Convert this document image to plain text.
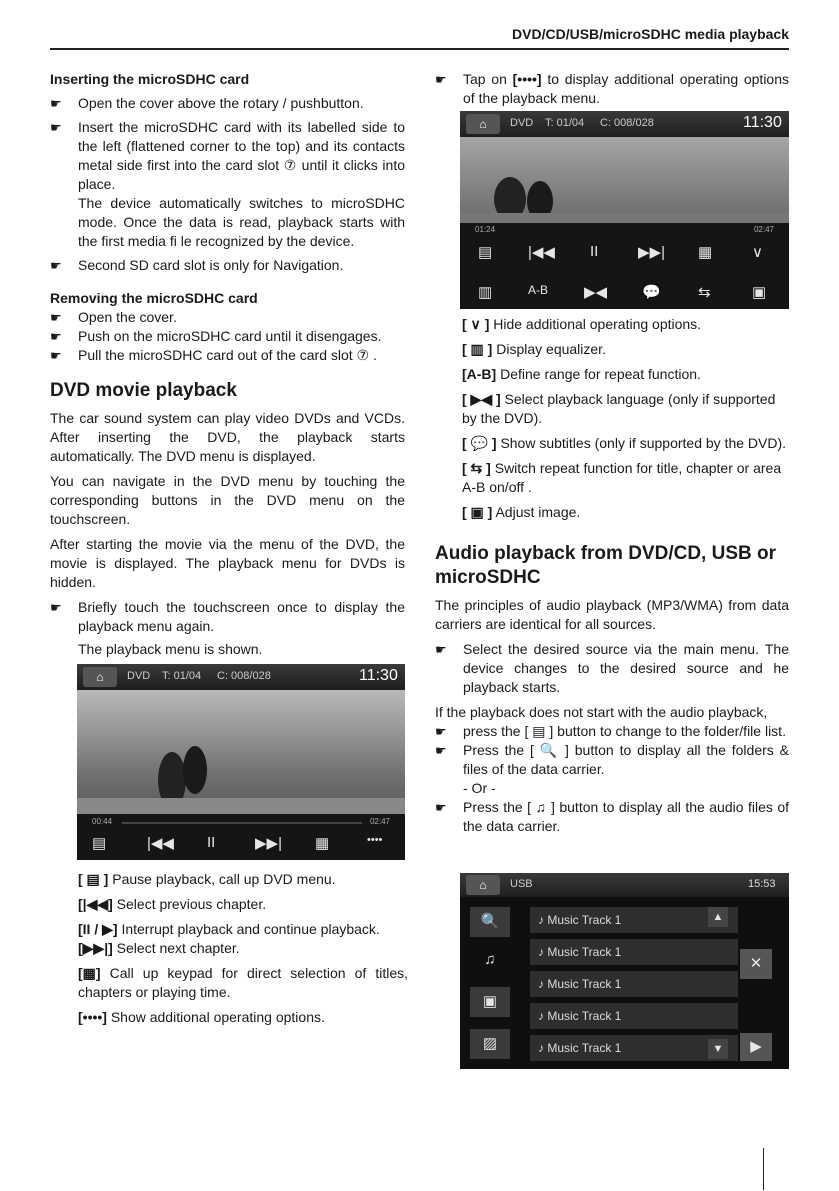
DVD/CD/USB/microSDHC media playback

Inserting the microSDHC card

☛ Open the cover above the rotary / pushbutton.
☛ Insert the microSDHC card with its labelled side to the left (flattened corner to the top) and its contacts metal side first into the card slot ⑦ until it clicks into place.
The device automatically switches to microSDHC mode. Once the data is read, playback starts with the first media fi le recognized by the device.
☛ Second SD card slot is only for Navigation.

Removing the microSDHC card

☛ Open the cover.
☛ Push on the microSDHC card until it disengages.
☛ Pull the microSDHC card out of the card slot ⑦ .

DVD movie playback

The car sound system can play video DVDs and VCDs. After inserting the DVD, the playback starts automatically. The DVD menu is displayed.

You can navigate in the DVD menu by touching the corresponding buttons in the DVD menu on the touchscreen.

After starting the movie via the menu of the DVD, the movie is displayed. The playback menu for DVDs is hidden.

☛ Briefly touch the touchscreen once to display the playback menu again.
The playback menu is shown.
⌂	DVD T: 01/04 C: 008/028	11:30
00:44	02:47
▤	|◀◀ II	▶▶| ▦	••••

[ ▤ ] Pause playback, call up DVD menu.

[|◀◀] Select previous chapter.

[II / ▶] Interrupt playback and continue playback.

[▶▶|] Select next chapter.

[▦] Call up keypad for direct selection of titles, chapters or playing time.

[••••] Show additional operating options.

☛ Tap on [••••] to display additional operating options of the playback menu.
⌂	DVD T: 01/04 C: 008/028	11:30
01:24	02:47
▤ |◀◀ II	▶▶| ▦	∨
▥	A-B ▶◀ 💬 ⇆	▣

[ ∨ ] Hide additional operating options.

[ ▥ ] Display equalizer.

[A-B] Define range for repeat function.

[ ▶◀ ] Select playback language (only if supported by the DVD).

[ 💬 ] Show subtitles (only if supported by the DVD).

[ ⇆ ] Switch repeat function for title, chapter or area A-B on/off .

[ ▣ ] Adjust image.

Audio playback from DVD/CD, USB or microSDHC

The principles of audio playback (MP3/WMA) from data carriers are identical for all sources.

☛ Select the desired source via the main menu. The device changes to the desired source and he playback starts.

If the playback does not start with the audio playback,

☛ press the [ ▤ ] button to change to the folder/file list.
☛ Press the [ 🔍 ] button to display all the folders & files of the data carrier.

- Or -

☛ Press the [ ♫ ] button to display all the audio files of the data carrier.
⌂	USB	15:53
🔍
♫
▣
▨
♪ Music Track 1
♪ Music Track 1
♪ Music Track 1
♪ Music Track 1
♪ Music Track 1
▲
▼
✕
▶
